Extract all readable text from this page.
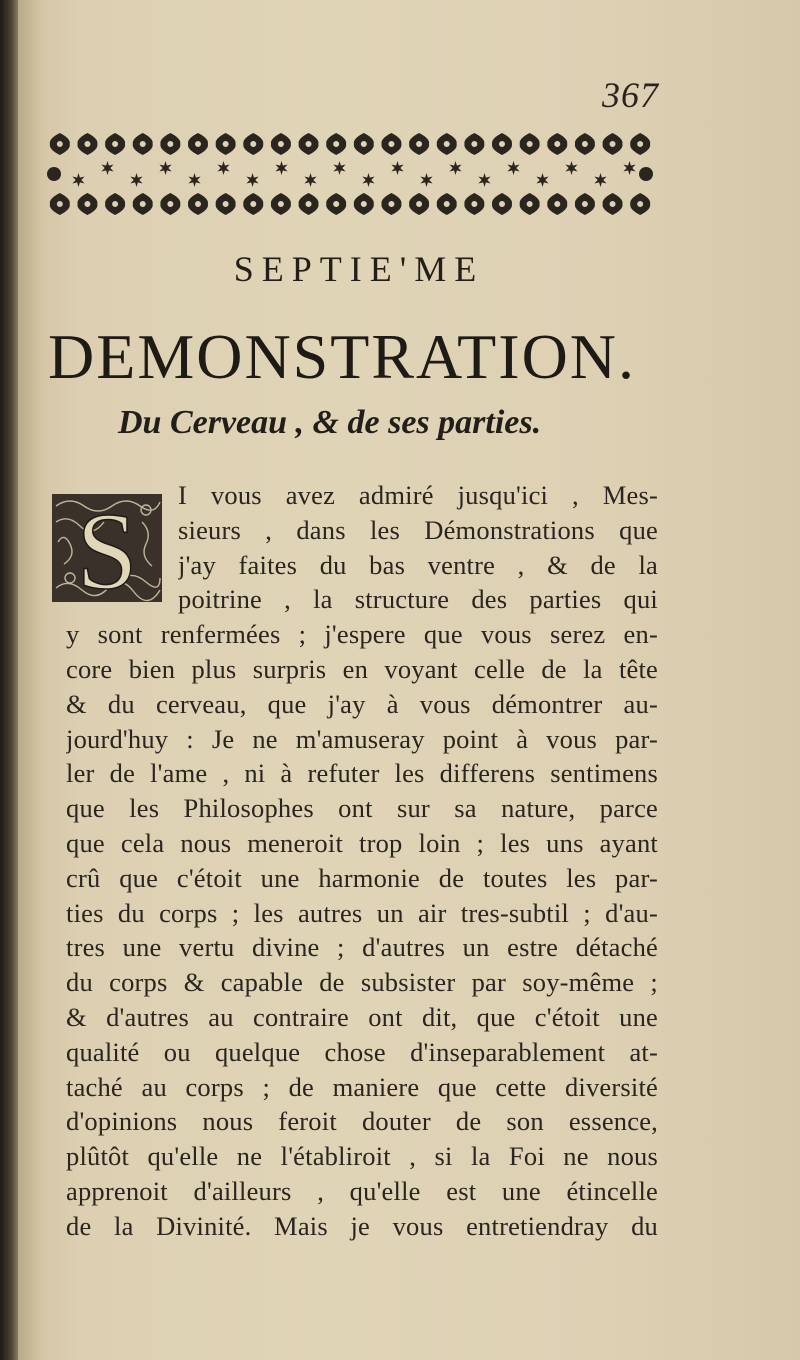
367
SEPTIE'ME
DEMONSTRATION.
Du Cerveau , & de ses parties.
S I vous avez admiré jusqu'ici , Mes-
sieurs , dans les Démonstrations que
j'ay faites du bas ventre , & de la
poitrine , la structure des parties qui
y sont renfermées ; j'espere que vous serez en-
core bien plus surpris en voyant celle de la tête
& du cerveau, que j'ay à vous démontrer au-
jourd'huy : Je ne m'amuseray point à vous par-
ler de l'ame , ni à refuter les differens sentimens
que les Philosophes ont sur sa nature, parce
que cela nous meneroit trop loin ; les uns ayant
crû que c'étoit une harmonie de toutes les par-
ties du corps ; les autres un air tres-subtil ; d'au-
tres une vertu divine ; d'autres un estre détaché
du corps & capable de subsister par soy-même ;
& d'autres au contraire ont dit, que c'étoit une
qualité ou quelque chose d'inseparablement at-
taché au corps ; de maniere que cette diversité
d'opinions nous feroit douter de son essence,
plûtôt qu'elle ne l'établiroit , si la Foi ne nous
apprenoit d'ailleurs , qu'elle est une étincelle
de la Divinité. Mais je vous entretiendray du
